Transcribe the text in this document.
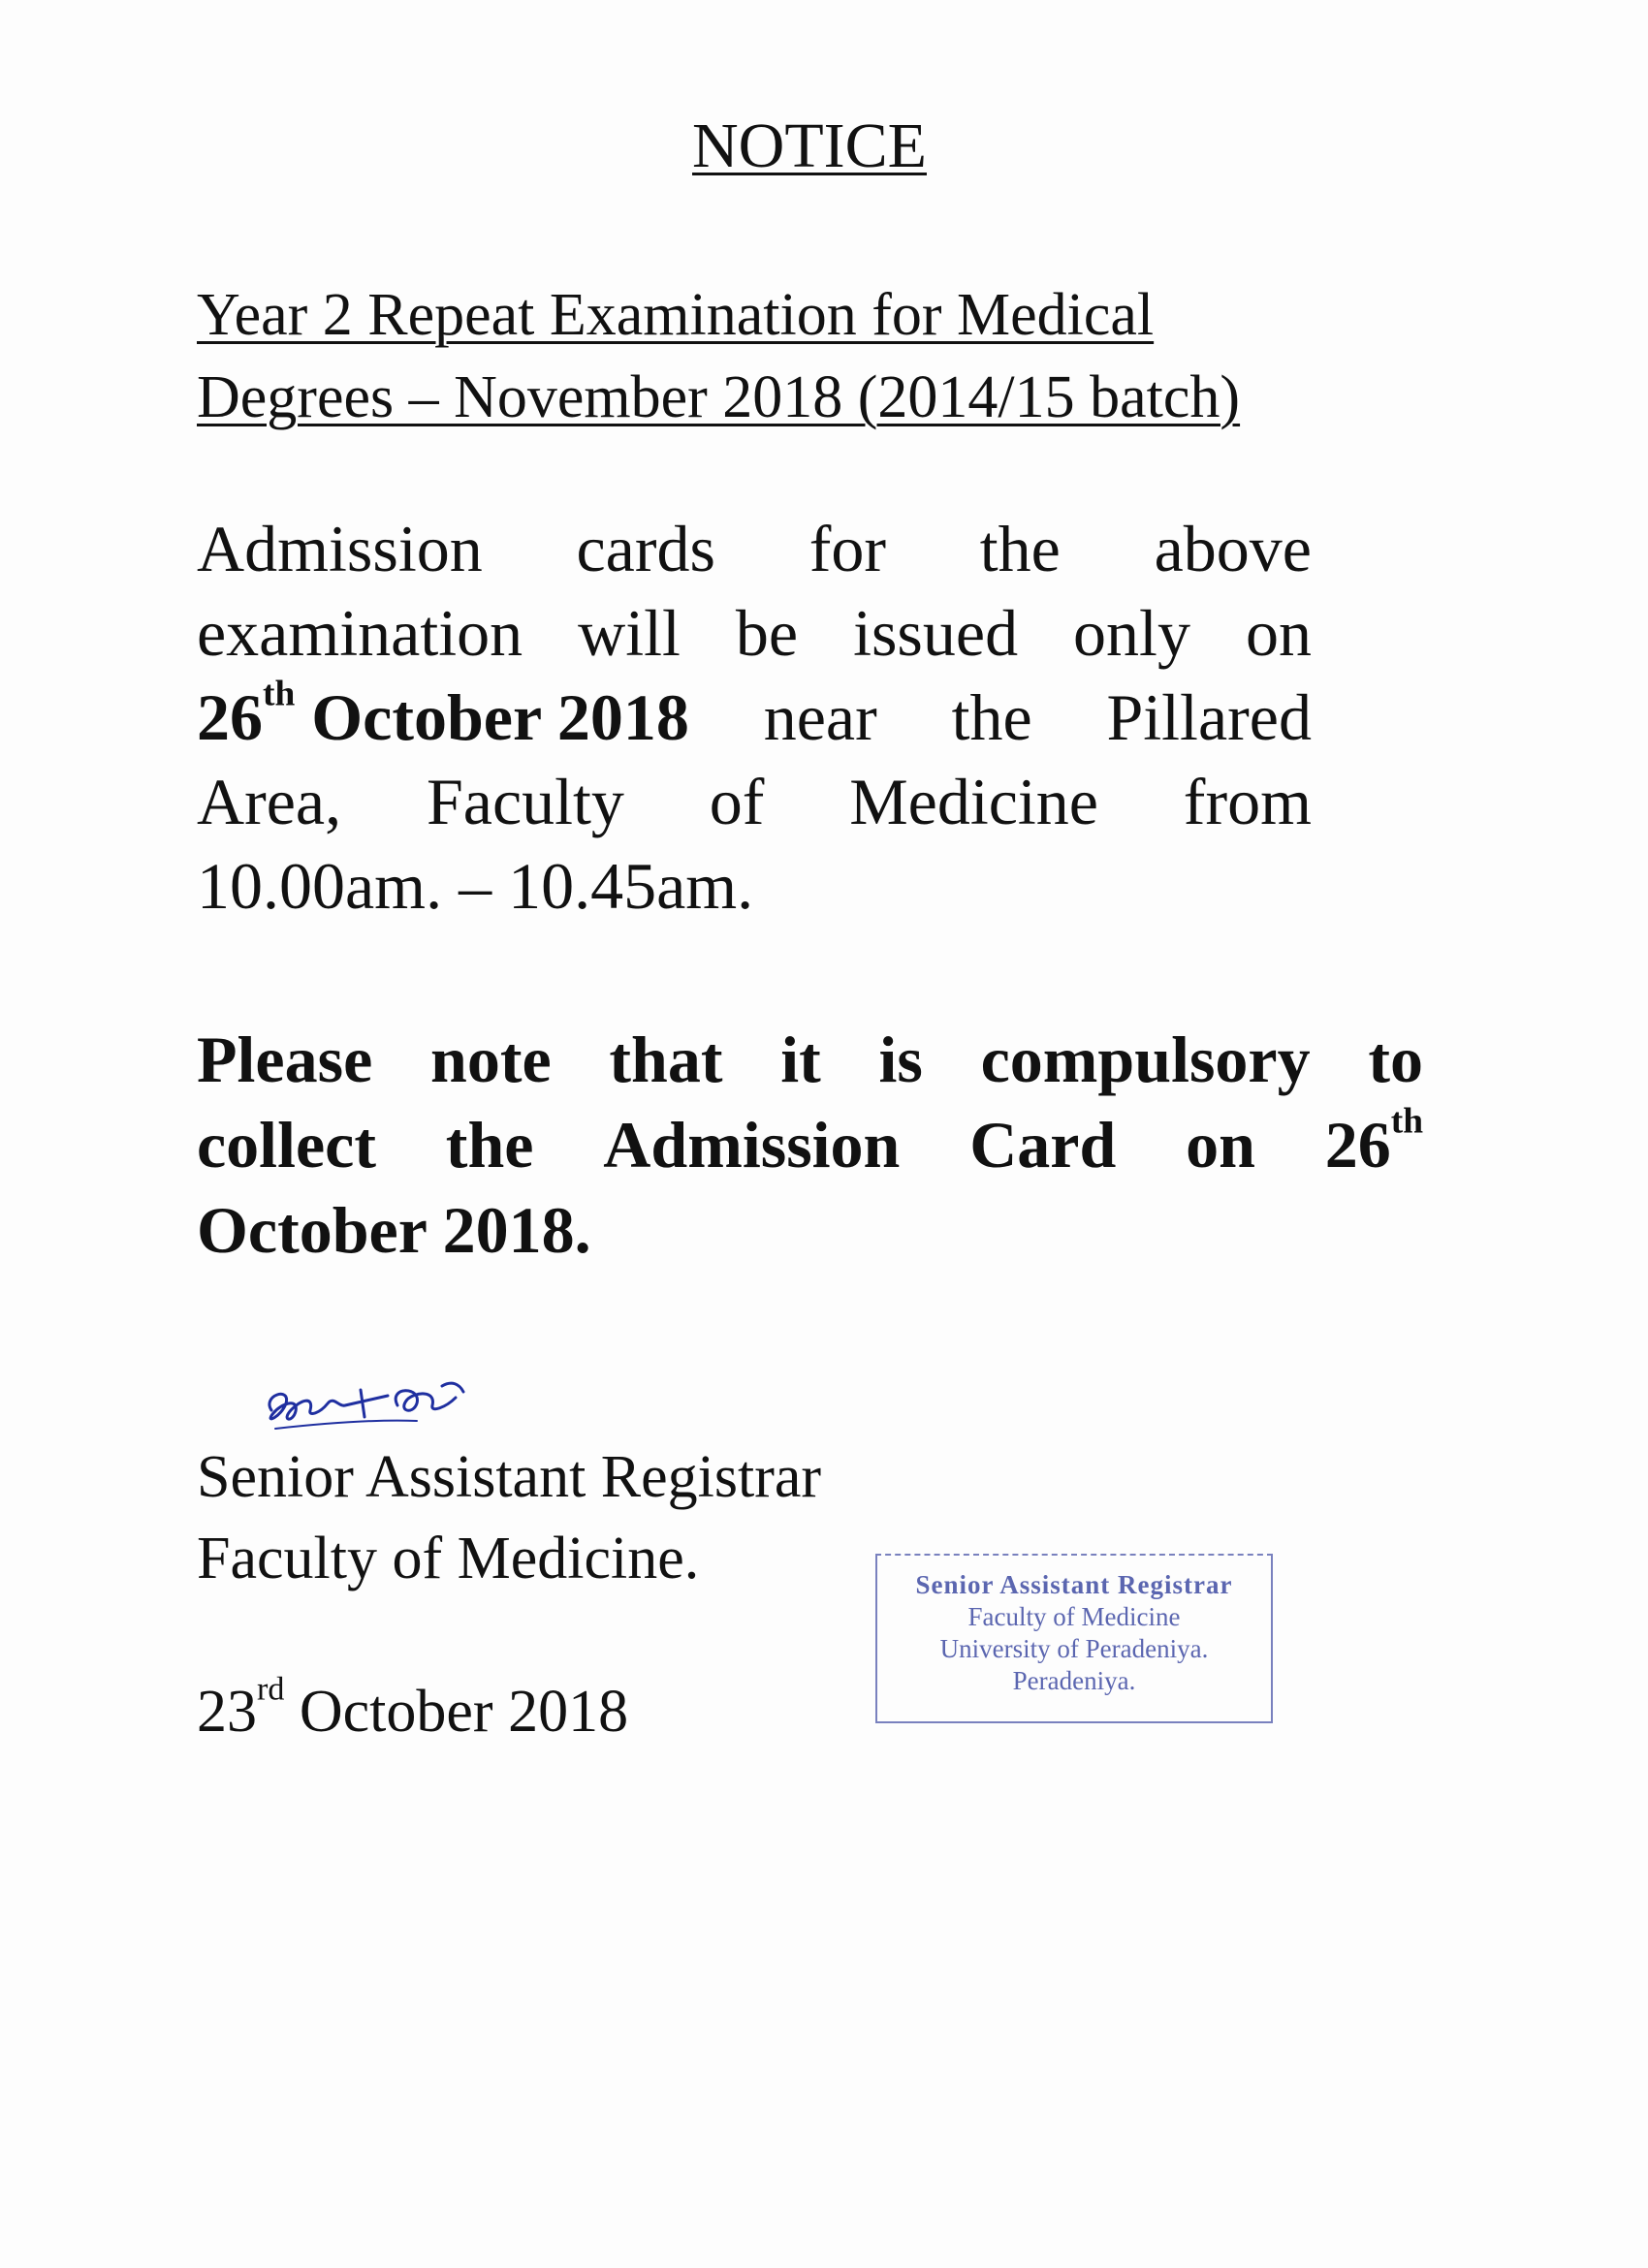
NOTICE
Year 2 Repeat Examination for Medical
Degrees – November 2018 (2014/15 batch)
Admission cards for the above
examination will be issued only on
26th October 2018 near the Pillared
Area, Faculty of Medicine from
10.00am. – 10.45am.
Please note that it is compulsory to
collect the Admission Card on 26th
October 2018.
Senior Assistant Registrar
Faculty of Medicine.	Senior Assistant Registrar
Faculty of Medicine
University of Peradeniya.
Peradeniya.
23rd October 2018
